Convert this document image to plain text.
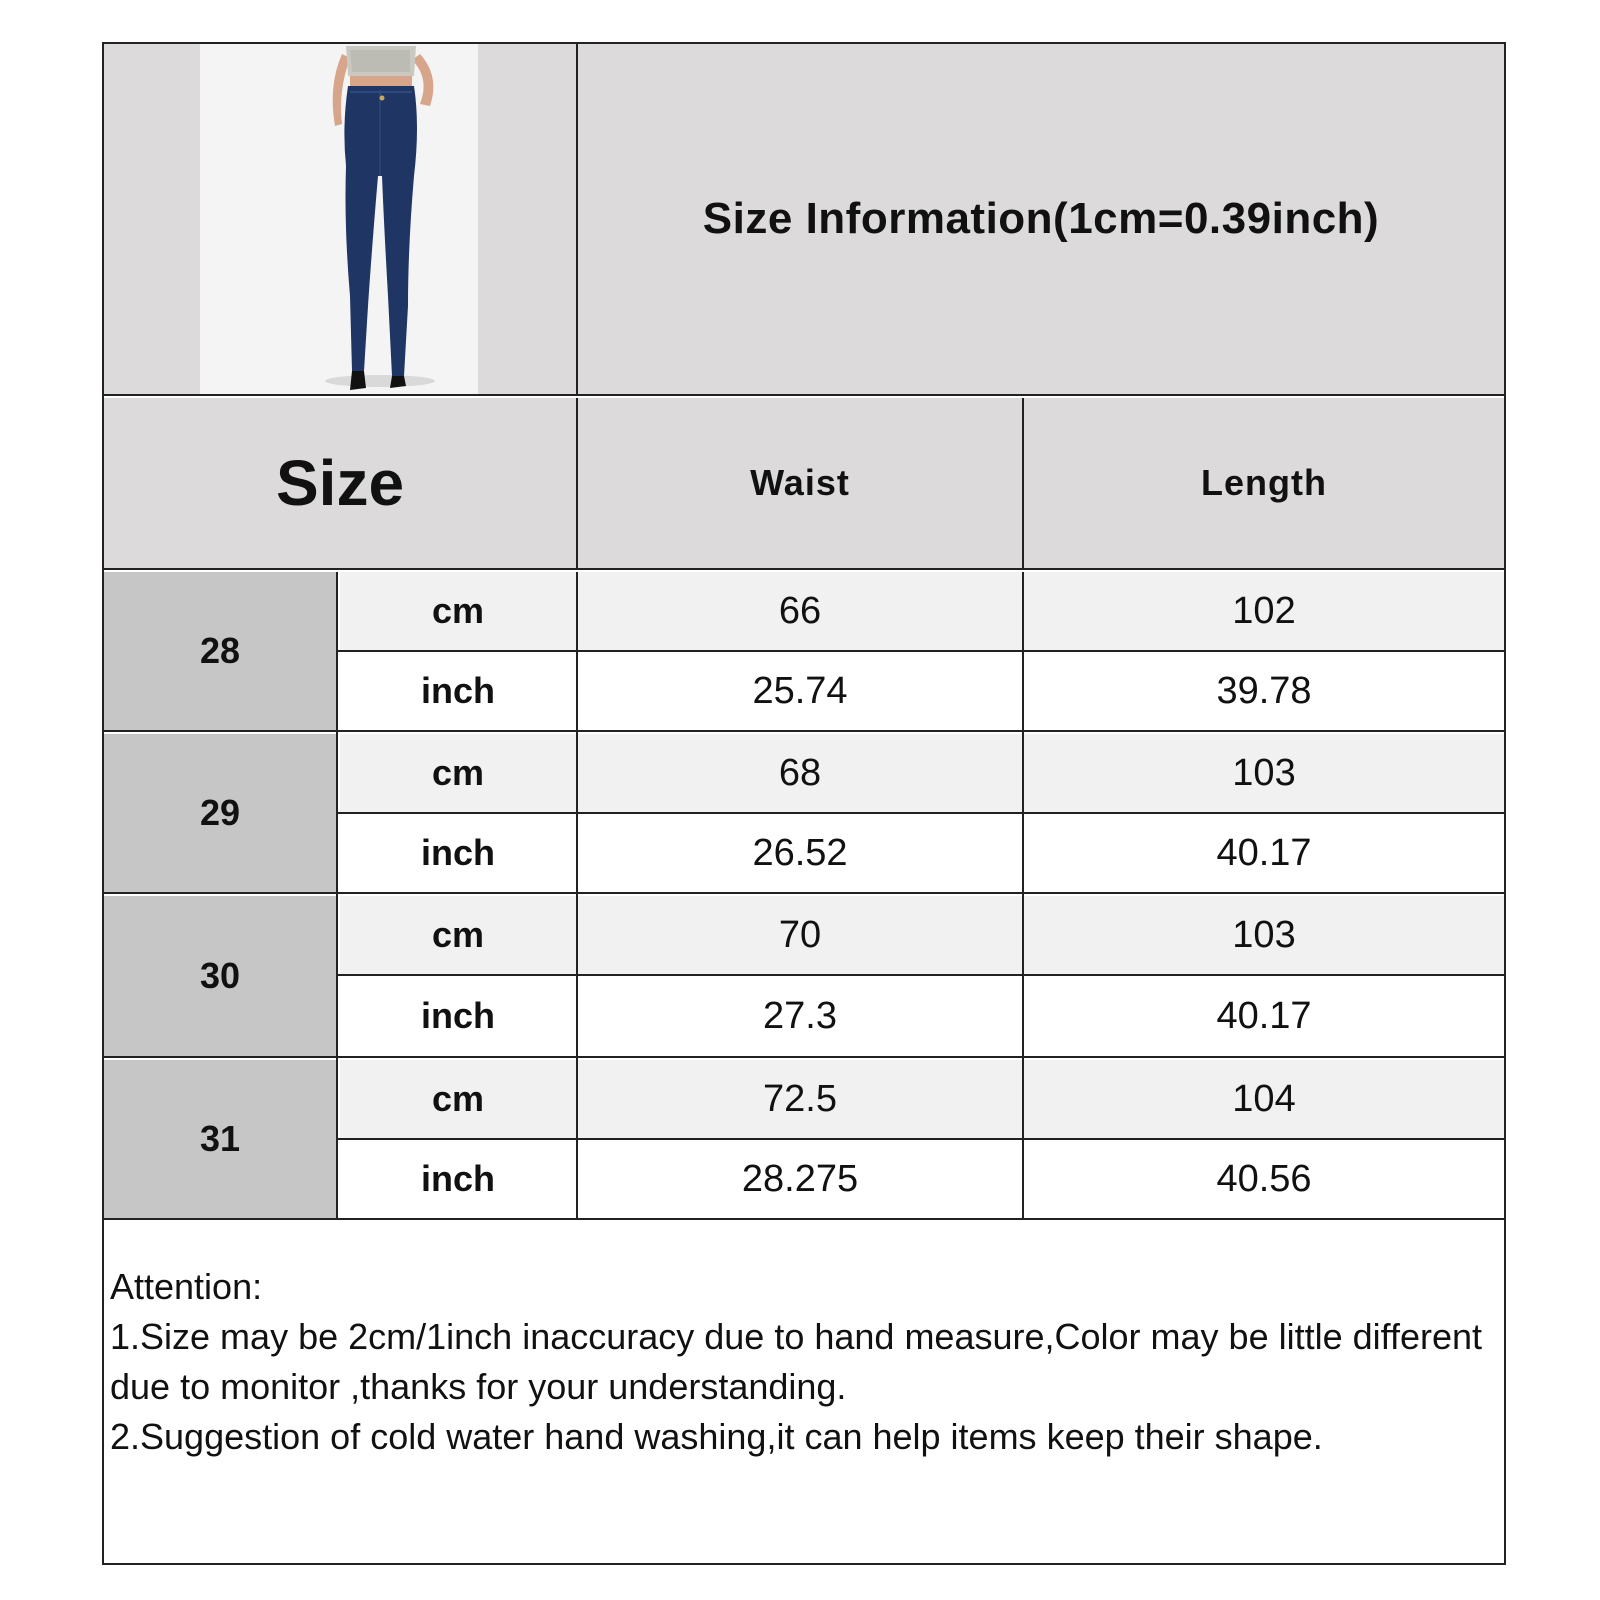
Size Information(1cm=0.39inch)
Size	Waist	Length
28
cm	66	102
inch	25.74	39.78
29
cm	68	103
inch	26.52	40.17
30
cm	70	103
inch	27.3	40.17
31
cm	72.5	104
inch	28.275	40.56
Attention:
1.Size may be 2cm/1inch inaccuracy due to hand measure,Color may be little different due to monitor ,thanks for your understanding.
2.Suggestion of cold water hand washing,it can help items keep their shape.
